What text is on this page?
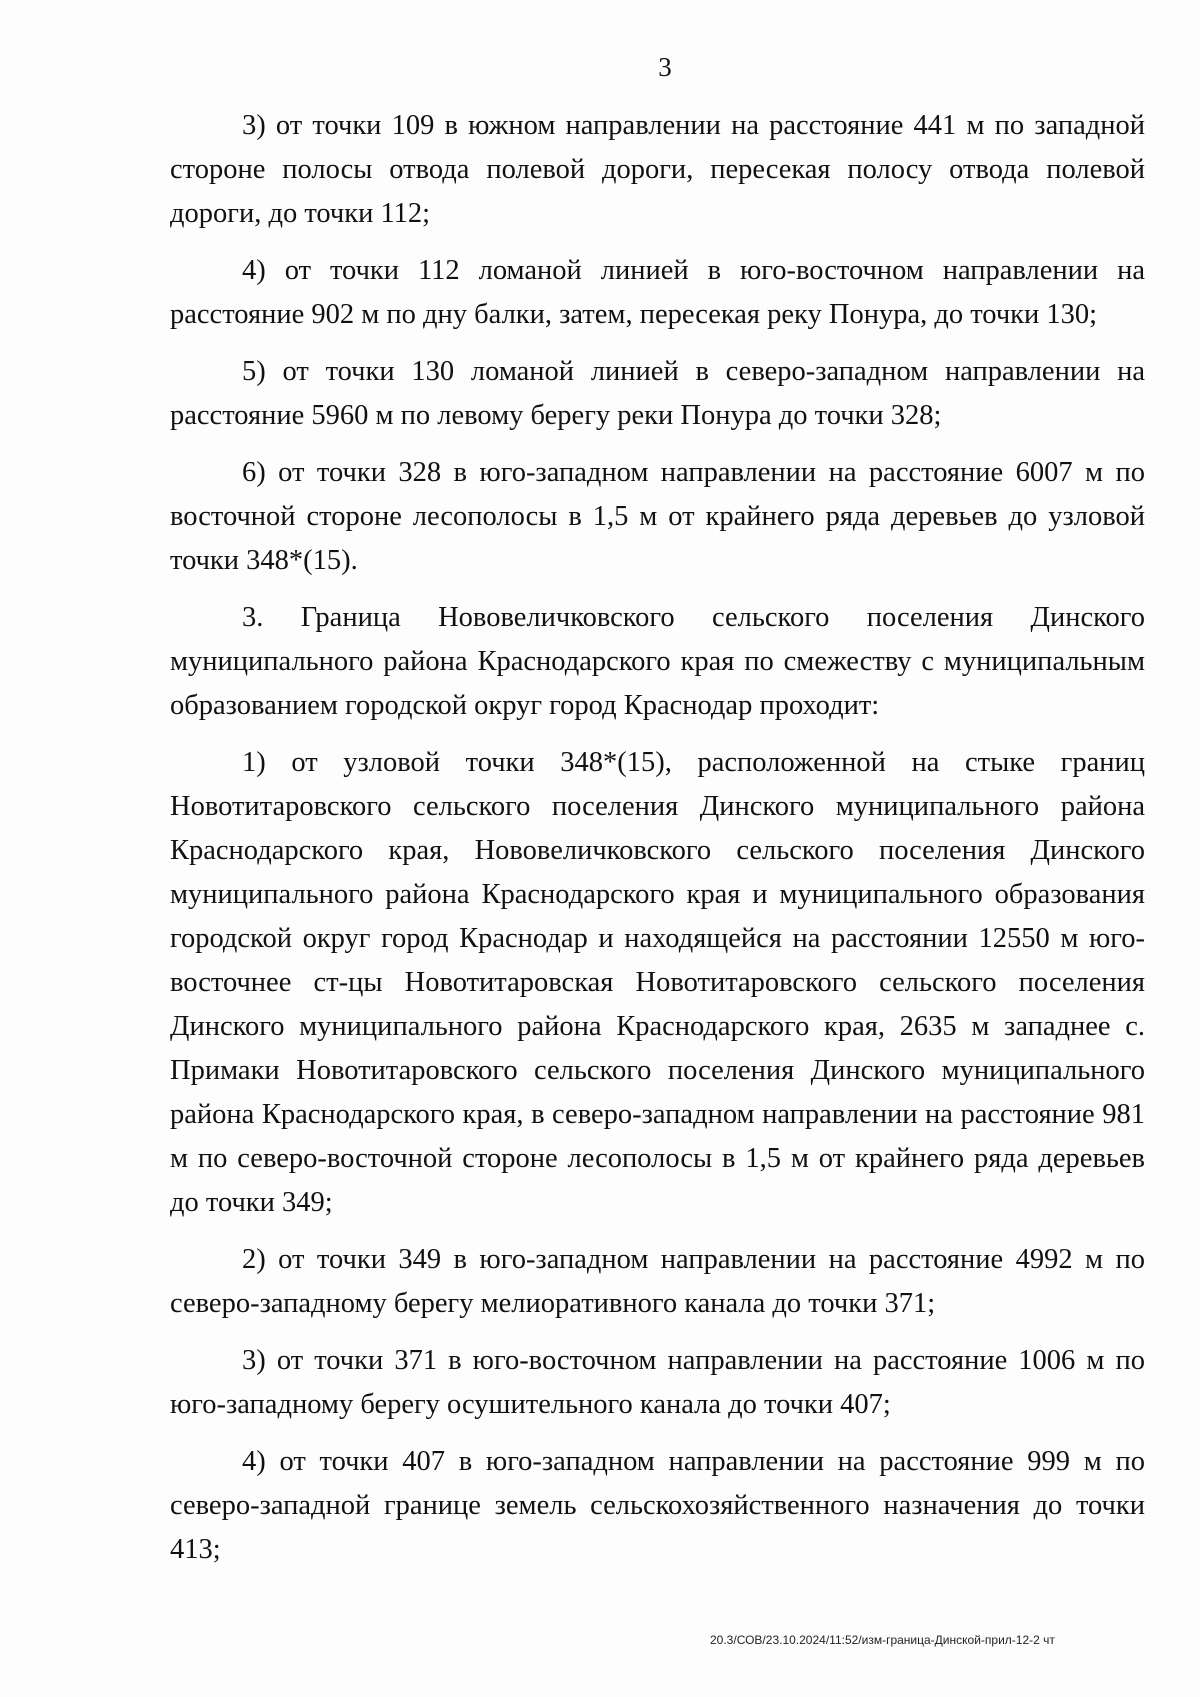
3

3) от точки 109 в южном направлении на расстояние 441 м по западной стороне полосы отвода полевой дороги, пересекая полосу отвода полевой дороги, до точки 112;

4) от точки 112 ломаной линией в юго-восточном направлении на расстояние 902 м по дну балки, затем, пересекая реку Понура, до точки 130;

5) от точки 130 ломаной линией в северо-западном направлении на расстояние 5960 м по левому берегу реки Понура до точки 328;

6) от точки 328 в юго-западном направлении на расстояние 6007 м по восточной стороне лесополосы в 1,5 м от крайнего ряда деревьев до узловой точки 348*(15).

3. Граница Нововеличковского сельского поселения Динского муниципального района Краснодарского края по смежеству с муниципальным образованием городской округ город Краснодар проходит:

1) от узловой точки 348*(15), расположенной на стыке границ Новотитаровского сельского поселения Динского муниципального района Краснодарского края, Нововеличковского сельского поселения Динского муниципального района Краснодарского края и муниципального образования городской округ город Краснодар и находящейся на расстоянии 12550 м юго-восточнее ст-цы Новотитаровская Новотитаровского сельского поселения Динского муниципального района Краснодарского края, 2635 м западнее с. Примаки Новотитаровского сельского поселения Динского муниципального района Краснодарского края, в северо-западном направлении на расстояние 981 м по северо-восточной стороне лесополосы в 1,5 м от крайнего ряда деревьев до точки 349;

2) от точки 349 в юго-западном направлении на расстояние 4992 м по северо-западному берегу мелиоративного канала до точки 371;

3) от точки 371 в юго-восточном направлении на расстояние 1006 м по юго-западному берегу осушительного канала до точки 407;

4) от точки 407 в юго-западном направлении на расстояние 999 м по северо-западной границе земель сельскохозяйственного назначения до точки 413;

20.3/СОВ/23.10.2024/11:52/изм-граница-Динской-прил-12-2 чт
